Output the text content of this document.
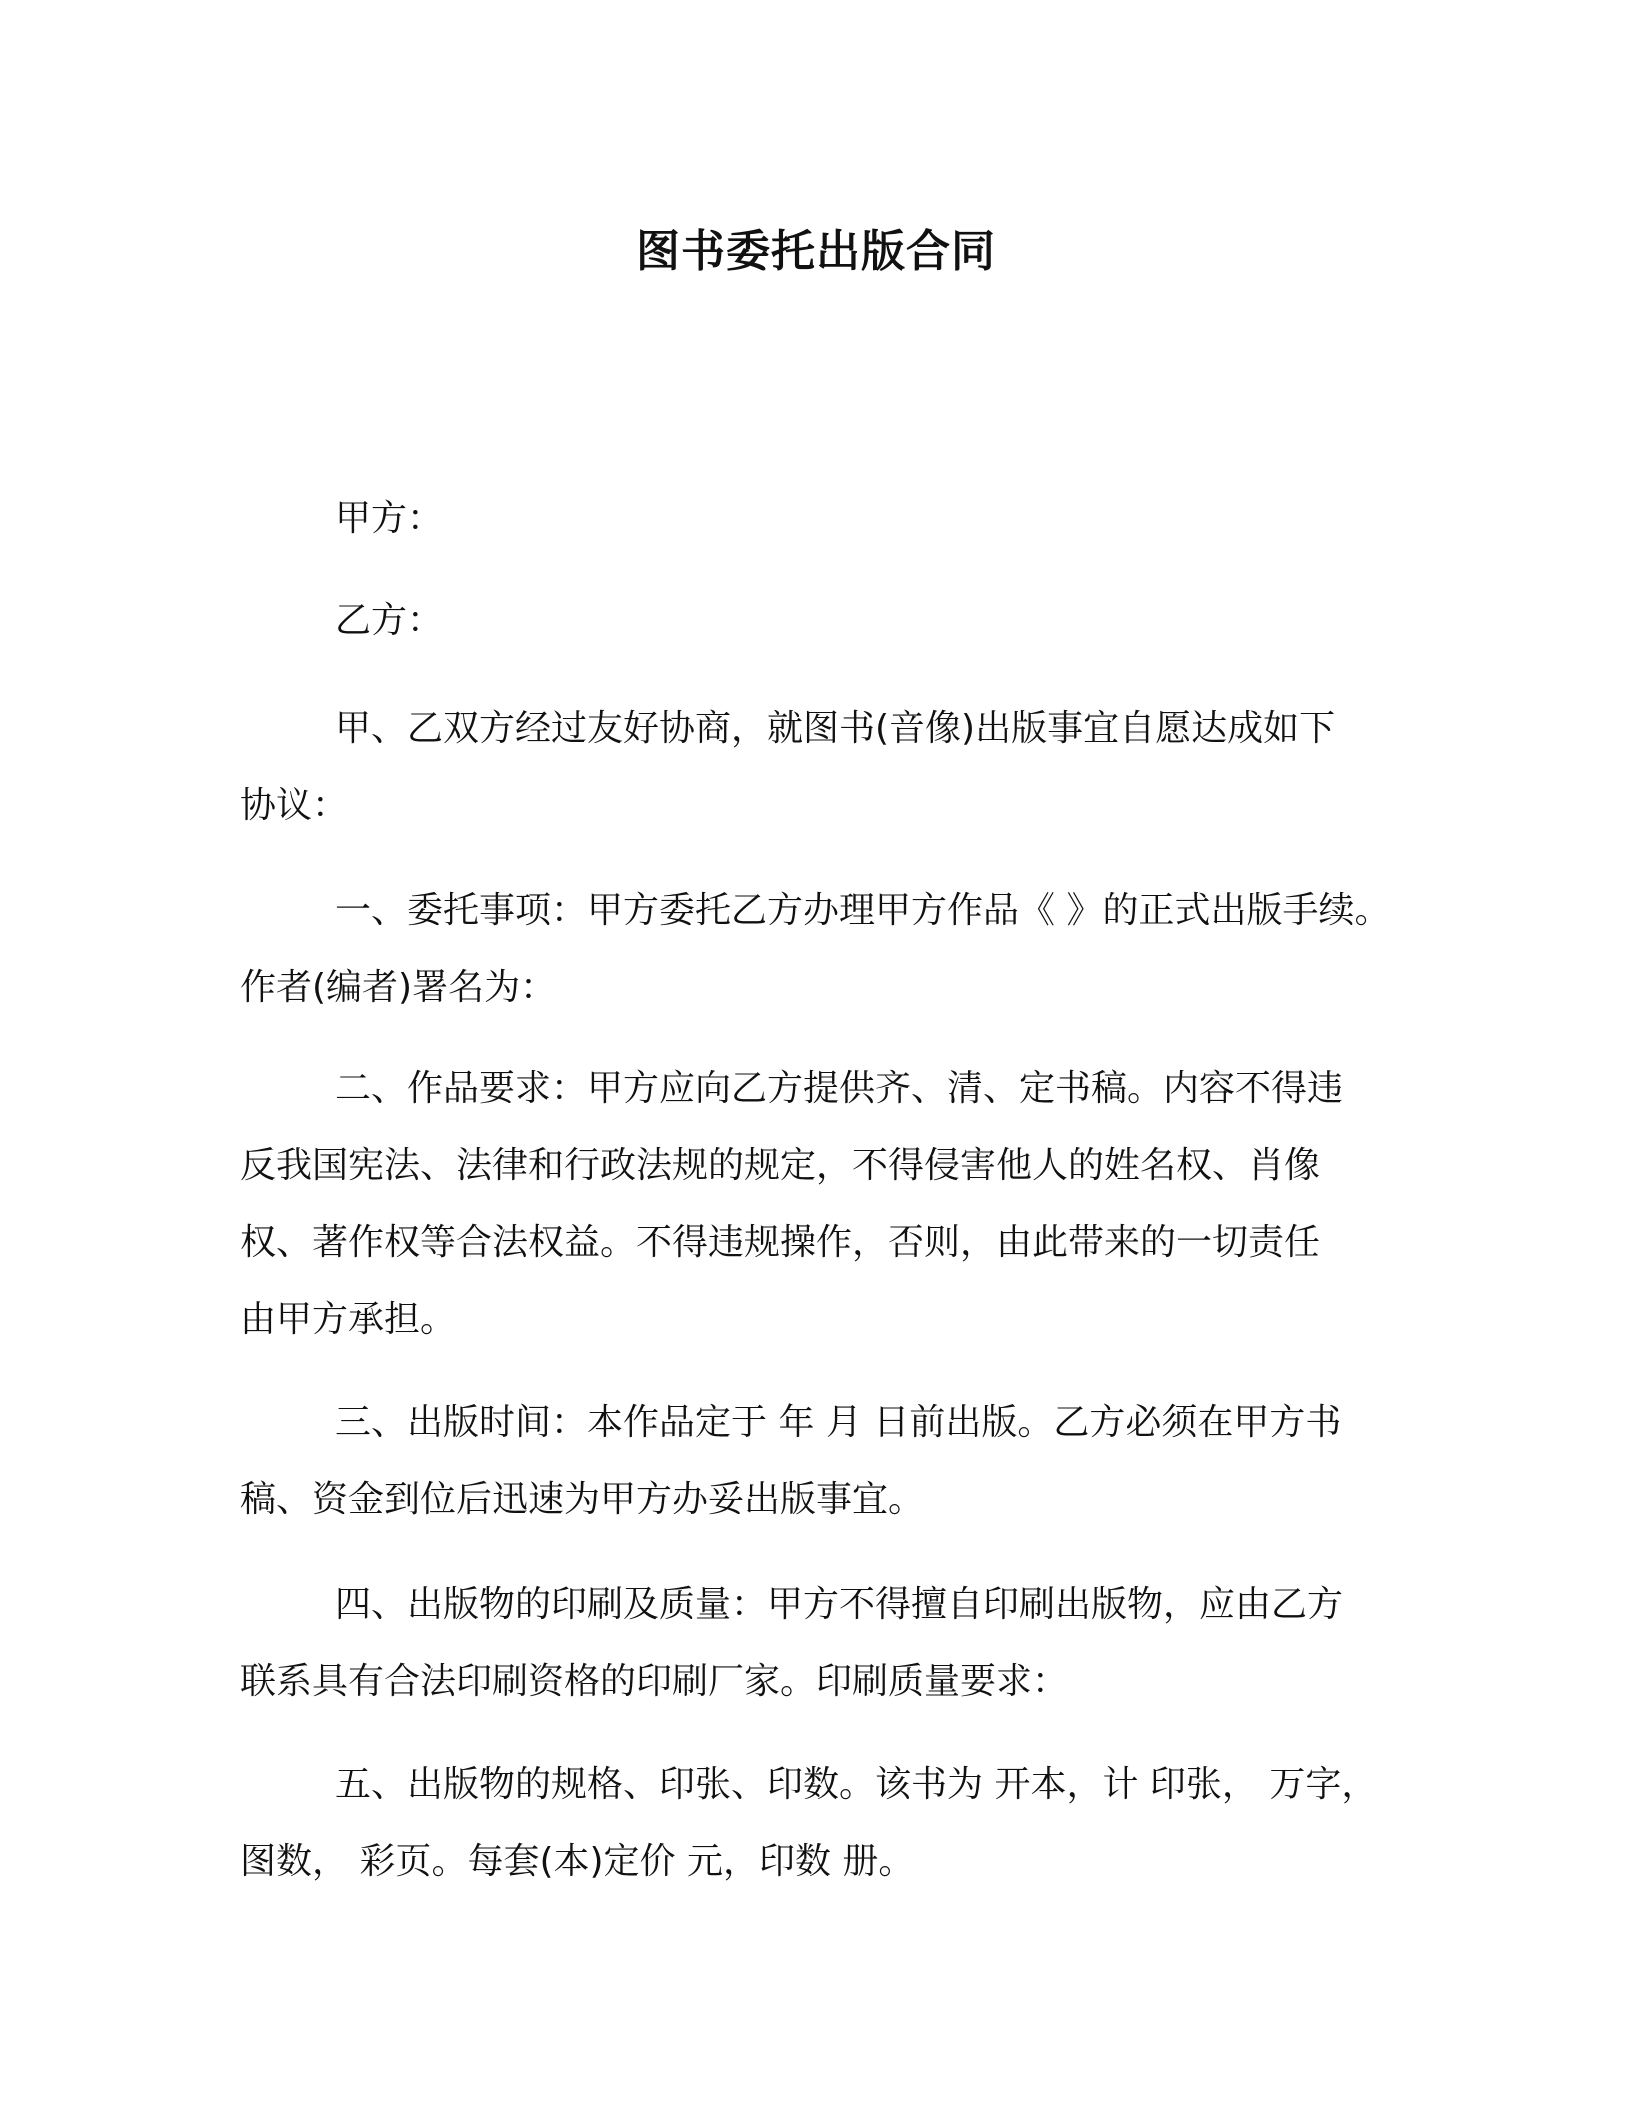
图书委托出版合同
甲方：
乙方：
甲、乙双方经过友好协商，就图书(音像)出版事宜自愿达成如下
协议：
一、委托事项：甲方委托乙方办理甲方作品《 》的正式出版手续。
作者(编者)署名为：
二、作品要求：甲方应向乙方提供齐、清、定书稿。内容不得违
反我国宪法、法律和行政法规的规定，不得侵害他人的姓名权、肖像
权、著作权等合法权益。不得违规操作，否则，由此带来的一切责任
由甲方承担。
三、出版时间：本作品定于 年 月 日前出版。乙方必须在甲方书
稿、资金到位后迅速为甲方办妥出版事宜。
四、出版物的印刷及质量：甲方不得擅自印刷出版物，应由乙方
联系具有合法印刷资格的印刷厂家。印刷质量要求：
五、出版物的规格、印张、印数。该书为 开本，计 印张， 万字，
图数， 彩页。每套(本)定价 元，印数 册。
